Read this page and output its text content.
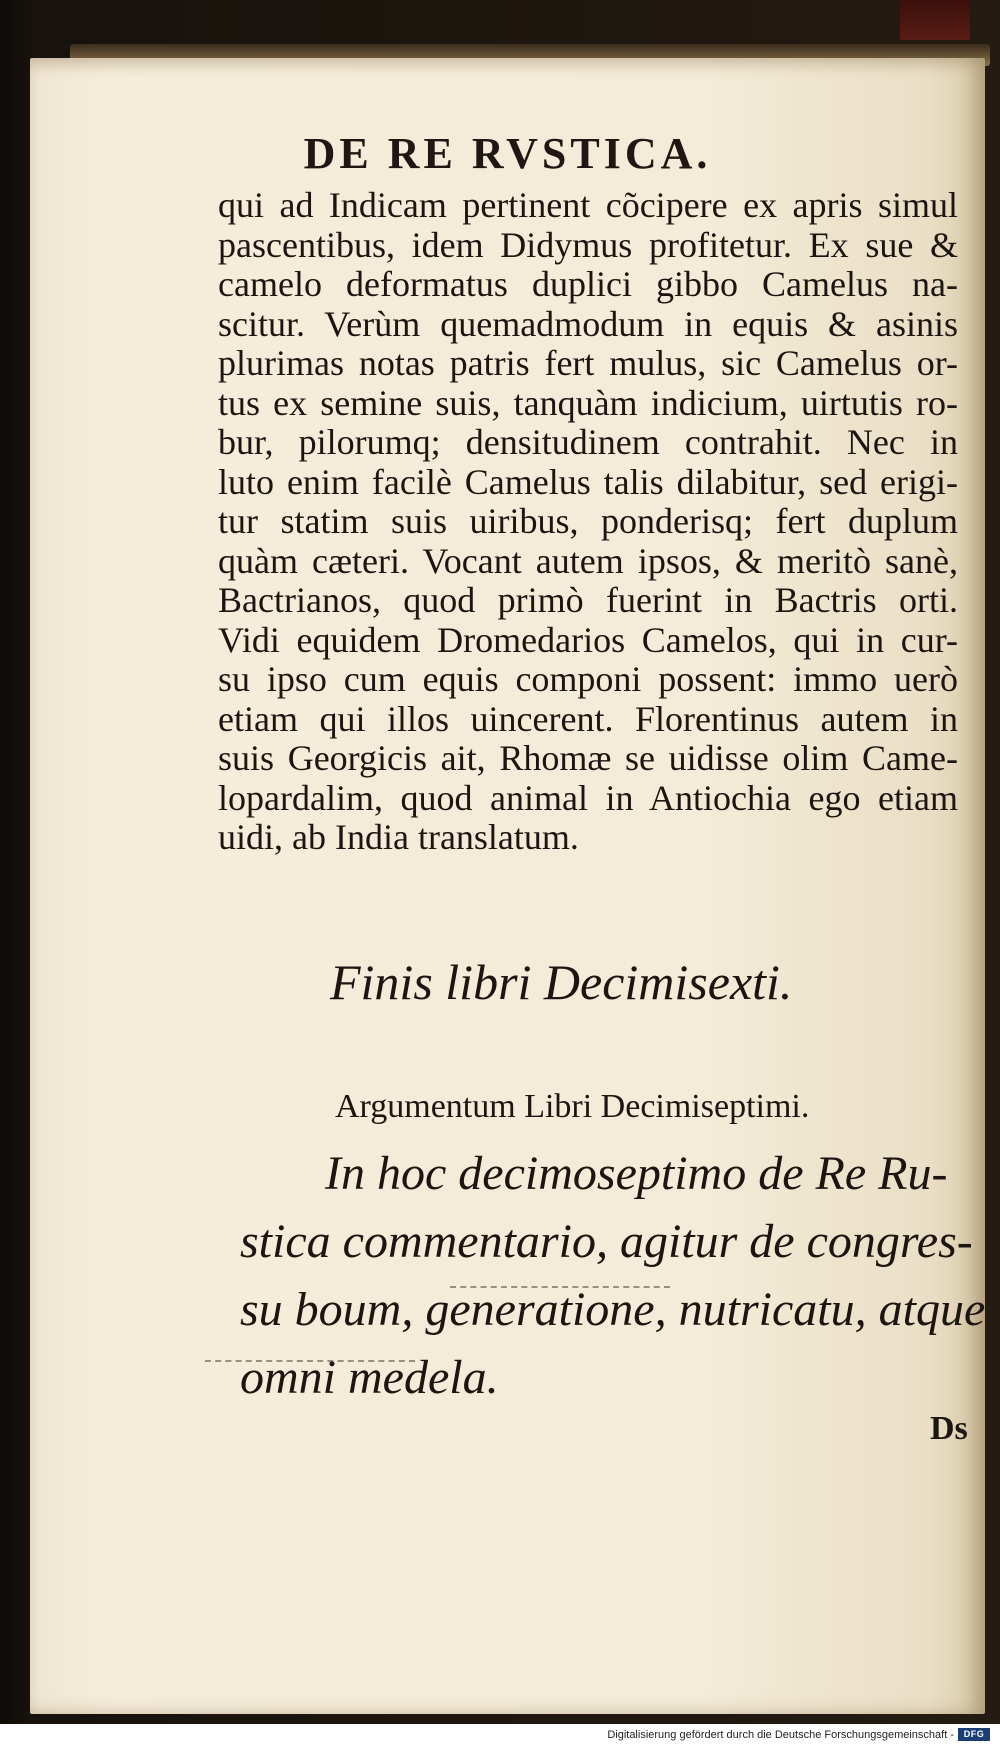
DE RE RVSTICA.
qui ad Indicam pertinent cõcipere ex apris simul
pascentibus, idem Didymus profitetur. Ex sue &
camelo deformatus duplici gibbo Camelus na-
scitur. Verùm quemadmodum in equis & asinis
plurimas notas patris fert mulus, sic Camelus or-
tus ex semine suis, tanquàm indicium, uirtutis ro-
bur, pilorumq; densitudinem contrahit. Nec in
luto enim facilè Camelus talis dilabitur, sed erigi-
tur statim suis uiribus, ponderisq; fert duplum
quàm cæteri. Vocant autem ipsos, & meritò sanè,
Bactrianos, quod primò fuerint in Bactris orti.
Vidi equidem Dromedarios Camelos, qui in cur-
su ipso cum equis componi possent: immo uerò
etiam qui illos uincerent. Florentinus autem in
suis Georgicis ait, Rhomæ se uidisse olim Came-
lopardalim, quod animal in Antiochia ego etiam
uidi, ab India translatum.
Finis libri Decimisexti.
Argumentum Libri Decimiseptimi.
In hoc decimoseptimo de Re Ru-
stica commentario, agitur de congres-
su boum, generatione, nutricatu, atque
omni medela.
Ds
Digitalisierung gefördert durch die Deutsche Forschungsgemeinschaft -	DFG
